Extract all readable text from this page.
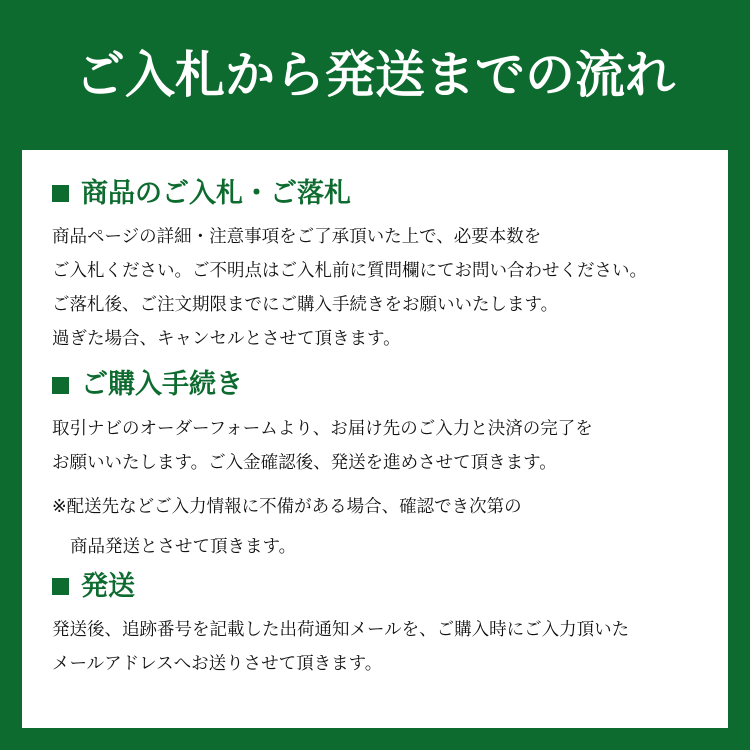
ご入札から発送までの流れ
商品のご入札・ご落札

商品ページの詳細・注意事項をご了承頂いた上で、必要本数を

ご入札ください。ご不明点はご入札前に質問欄にてお問い合わせください。

ご落札後、ご注文期限までにご購入手続きをお願いいたします。

過ぎた場合、キャンセルとさせて頂きます。

ご購入手続き

取引ナビのオーダーフォームより、お届け先のご入力と決済の完了を

お願いいたします。ご入金確認後、発送を進めさせて頂きます。

※配送先などご入力情報に不備がある場合、確認でき次第の

商品発送とさせて頂きます。

発送

発送後、追跡番号を記載した出荷通知メールを、ご購入時にご入力頂いた

メールアドレスへお送りさせて頂きます。
